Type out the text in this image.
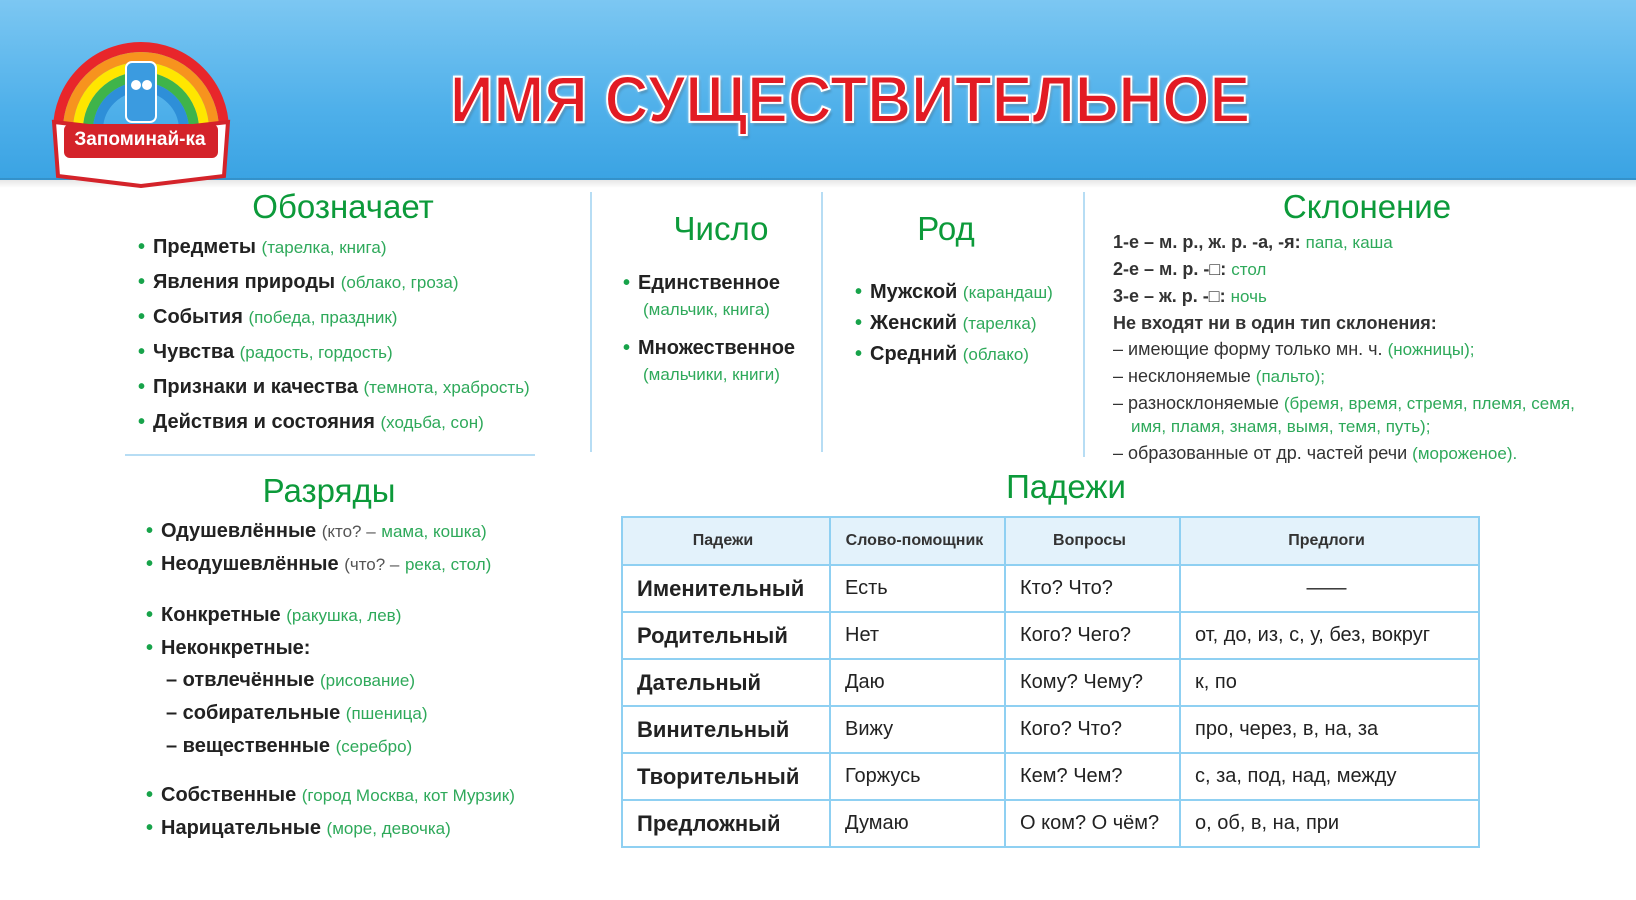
Запоминай-ка
ИМЯ СУЩЕСТВИТЕЛЬНОЕ
Обозначает
• Предметы (тарелка, книга)
• Явления природы (облако, гроза)
• События (победа, праздник)
• Чувства (радость, гордость)
• Признаки и качества (темнота, храбрость)
• Действия и состояния (ходьба, сон)
Число
• Единственное
(мальчик, книга)
• Множественное
(мальчики, книги)
Род
• Мужской (карандаш)
• Женский (тарелка)
• Средний (облако)
Склонение
1-е – м. р., ж. р. -а, -я: папа, каша
2-е – м. р. -□: стол
3-е – ж. р. -□: ночь
Не входят ни в один тип склонения:
– имеющие форму только мн. ч. (ножницы);
– несклоняемые (пальто);
– разносклоняемые (бремя, время, стремя, племя, семя, имя, пламя, знамя, вымя, темя, путь);
– образованные от др. частей речи (мороженое).
Разряды
• Одушевлённые (кто? – мама, кошка)
• Неодушевлённые (что? – река, стол)
• Конкретные (ракушка, лев)
• Неконкретные:
– отвлечённые (рисование)
– собирательные (пшеница)
– вещественные (серебро)
• Собственные (город Москва, кот Мурзик)
• Нарицательные (море, девочка)
Падежи
Падежи	Слово-помощник	Вопросы	Предлоги
Именительный	Есть	Кто? Что?	——
Родительный	Нет	Кого? Чего?	от, до, из, с, у, без, вокруг
Дательный	Даю	Кому? Чему?	к, по
Винительный	Вижу	Кого? Что?	про, через, в, на, за
Творительный	Горжусь	Кем? Чем?	с, за, под, над, между
Предложный	Думаю	О ком? О чём?	о, об, в, на, при
